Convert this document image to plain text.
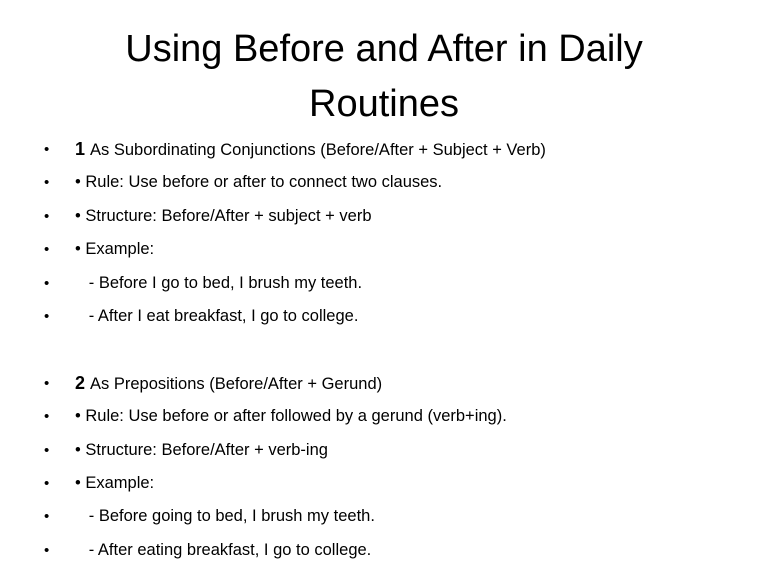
Using Before and After in Daily Routines
• 1 As Subordinating Conjunctions (Before/After + Subject + Verb)
• • Rule: Use before or after to connect two clauses.
• • Structure: Before/After + subject + verb
• • Example:
• - Before I go to bed, I brush my teeth.
• - After I eat breakfast, I go to college.
• 2 As Prepositions (Before/After + Gerund)
• • Rule: Use before or after followed by a gerund (verb+ing).
• • Structure: Before/After + verb-ing
• • Example:
• - Before going to bed, I brush my teeth.
• - After eating breakfast, I go to college.
